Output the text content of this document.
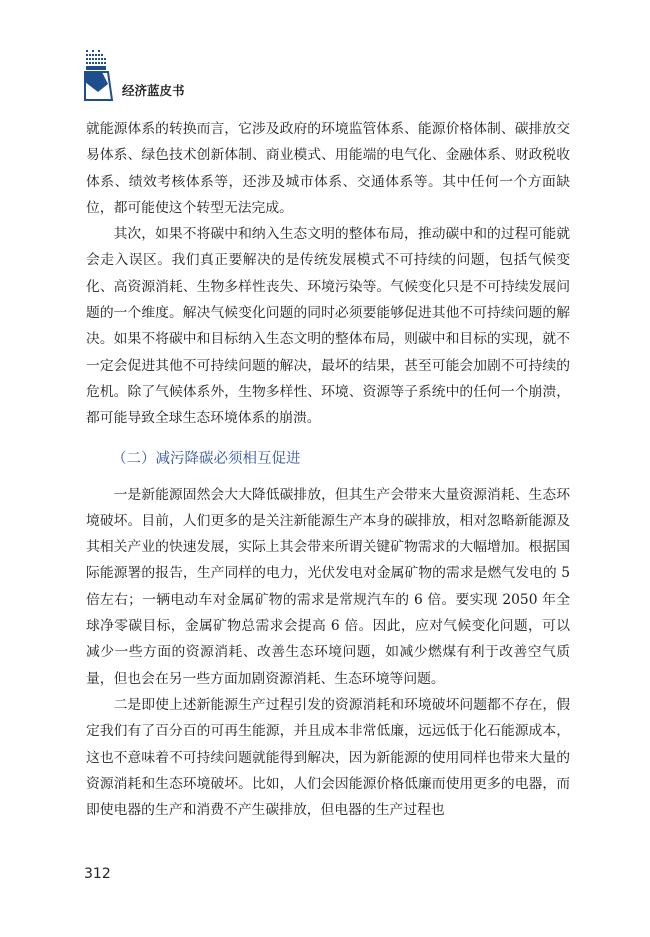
经济蓝皮书

就能源体系的转换而言，它涉及政府的环境监管体系、能源价格体制、碳排放交易体系、绿色技术创新体制、商业模式、用能端的电气化、金融体系、财政税收体系、绩效考核体系等，还涉及城市体系、交通体系等。其中任何一个方面缺位，都可能使这个转型无法完成。

其次，如果不将碳中和纳入生态文明的整体布局，推动碳中和的过程可能就会走入误区。我们真正要解决的是传统发展模式不可持续的问题，包括气候变化、高资源消耗、生物多样性丧失、环境污染等。气候变化只是不可持续发展问题的一个维度。解决气候变化问题的同时必须要能够促进其他不可持续问题的解决。如果不将碳中和目标纳入生态文明的整体布局，则碳中和目标的实现，就不一定会促进其他不可持续问题的解决，最坏的结果，甚至可能会加剧不可持续的危机。除了气候体系外，生物多样性、环境、资源等子系统中的任何一个崩溃，都可能导致全球生态环境体系的崩溃。

（二）减污降碳必须相互促进

一是新能源固然会大大降低碳排放，但其生产会带来大量资源消耗、生态环境破坏。目前，人们更多的是关注新能源生产本身的碳排放，相对忽略新能源及其相关产业的快速发展，实际上其会带来所谓关键矿物需求的大幅增加。根据国际能源署的报告，生产同样的电力，光伏发电对金属矿物的需求是燃气发电的 5 倍左右；一辆电动车对金属矿物的需求是常规汽车的 6 倍。要实现 2050 年全球净零碳目标，金属矿物总需求会提高 6 倍。因此，应对气候变化问题，可以减少一些方面的资源消耗、改善生态环境问题，如减少燃煤有利于改善空气质量，但也会在另一些方面加剧资源消耗、生态环境等问题。

二是即使上述新能源生产过程引发的资源消耗和环境破坏问题都不存在，假定我们有了百分百的可再生能源，并且成本非常低廉，远远低于化石能源成本，这也不意味着不可持续问题就能得到解决，因为新能源的使用同样也带来大量的资源消耗和生态环境破坏。比如，人们会因能源价格低廉而使用更多的电器，而即使电器的生产和消费不产生碳排放，但电器的生产过程也

312
